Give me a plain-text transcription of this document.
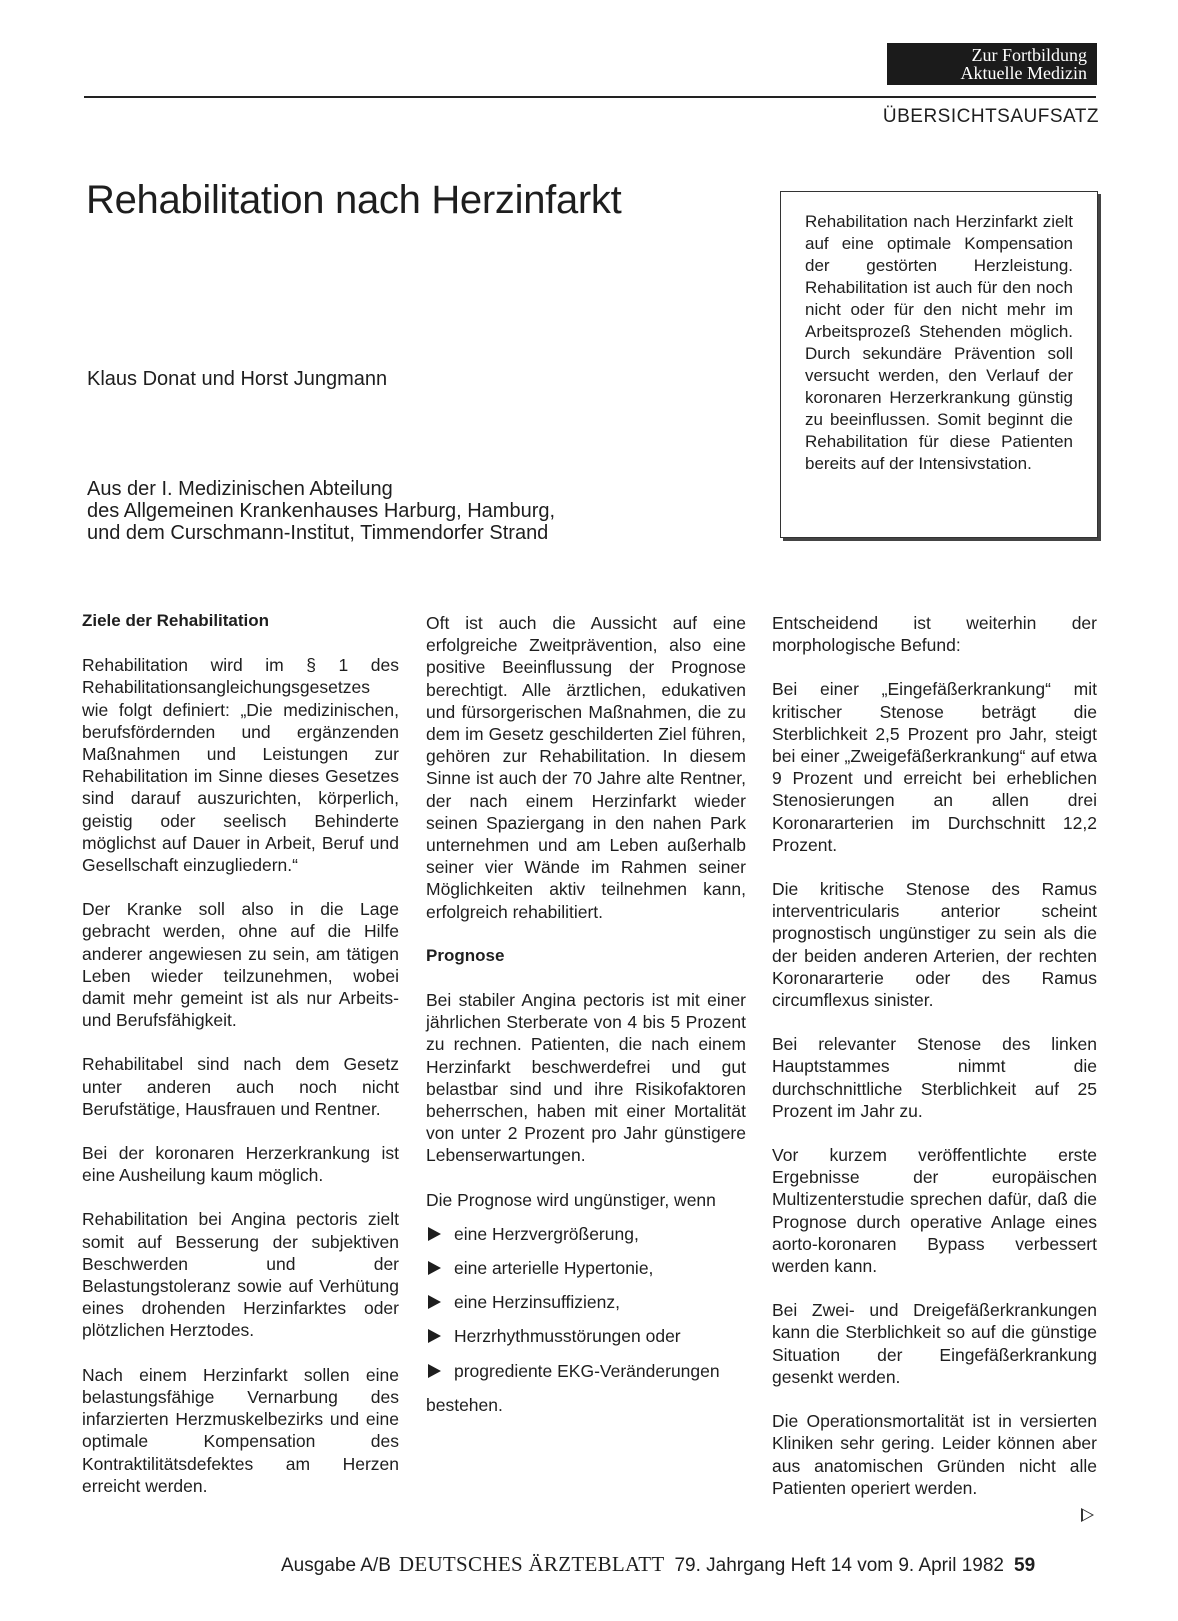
Zur Fortbildung
Aktuelle Medizin
ÜBERSICHTSAUFSATZ
Rehabilitation nach Herzinfarkt
Klaus Donat und Horst Jungmann
Aus der I. Medizinischen Abteilung
des Allgemeinen Krankenhauses Harburg, Hamburg,
und dem Curschmann-Institut, Timmendorfer Strand
Rehabilitation nach Herzinfarkt zielt auf eine optimale Kompensation der gestörten Herzleistung. Rehabilitation ist auch für den noch nicht oder für den nicht mehr im Arbeitsprozeß Stehenden möglich. Durch sekundäre Prävention soll versucht werden, den Verlauf der koronaren Herzerkrankung günstig zu beeinflussen. Somit beginnt die Rehabilitation für diese Patienten bereits auf der Intensivstation.
Ziele der Rehabilitation

Rehabilitation wird im § 1 des Rehabilitationsangleichungsgesetzes wie folgt definiert: „Die medizinischen, berufsfördernden und ergänzenden Maßnahmen und Leistungen zur Rehabilitation im Sinne dieses Gesetzes sind darauf auszurichten, körperlich, geistig oder seelisch Behinderte möglichst auf Dauer in Arbeit, Beruf und Gesellschaft einzugliedern.“

Der Kranke soll also in die Lage gebracht werden, ohne auf die Hilfe anderer angewiesen zu sein, am tätigen Leben wieder teilzunehmen, wobei damit mehr gemeint ist als nur Arbeits- und Berufsfähigkeit.

Rehabilitabel sind nach dem Gesetz unter anderen auch noch nicht Berufstätige, Hausfrauen und Rentner.

Bei der koronaren Herzerkrankung ist eine Ausheilung kaum möglich.

Rehabilitation bei Angina pectoris zielt somit auf Besserung der subjektiven Beschwerden und der Belastungstoleranz sowie auf Verhütung eines drohenden Herzinfarktes oder plötzlichen Herztodes.

Nach einem Herzinfarkt sollen eine belastungsfähige Vernarbung des infarzierten Herzmuskelbezirks und eine optimale Kompensation des Kontraktilitätsdefektes am Herzen erreicht werden.

Oft ist auch die Aussicht auf eine erfolgreiche Zweitprävention, also eine positive Beeinflussung der Prognose berechtigt. Alle ärztlichen, edukativen und fürsorgerischen Maßnahmen, die zu dem im Gesetz geschilderten Ziel führen, gehören zur Rehabilitation. In diesem Sinne ist auch der 70 Jahre alte Rentner, der nach einem Herzinfarkt wieder seinen Spaziergang in den nahen Park unternehmen und am Leben außerhalb seiner vier Wände im Rahmen seiner Möglichkeiten aktiv teilnehmen kann, erfolgreich rehabilitiert.

Prognose

Bei stabiler Angina pectoris ist mit einer jährlichen Sterberate von 4 bis 5 Prozent zu rechnen. Patienten, die nach einem Herzinfarkt beschwerdefrei und gut belastbar sind und ihre Risikofaktoren beherrschen, haben mit einer Mortalität von unter 2 Prozent pro Jahr günstigere Lebenserwartungen.

Die Prognose wird ungünstiger, wenn

eine Herzvergrößerung,
eine arterielle Hypertonie,
eine Herzinsuffizienz,
Herzrhythmusstörungen oder
progrediente EKG-Veränderungen

bestehen.

Entscheidend ist weiterhin der morphologische Befund:

Bei einer „Eingefäßerkrankung“ mit kritischer Stenose beträgt die Sterblichkeit 2,5 Prozent pro Jahr, steigt bei einer „Zweigefäßerkrankung“ auf etwa 9 Prozent und erreicht bei erheblichen Stenosierungen an allen drei Koronararterien im Durchschnitt 12,2 Prozent.

Die kritische Stenose des Ramus interventricularis anterior scheint prognostisch ungünstiger zu sein als die der beiden anderen Arterien, der rechten Koronararterie oder des Ramus circumflexus sinister.

Bei relevanter Stenose des linken Hauptstammes nimmt die durchschnittliche Sterblichkeit auf 25 Prozent im Jahr zu.

Vor kurzem veröffentlichte erste Ergebnisse der europäischen Multizenterstudie sprechen dafür, daß die Prognose durch operative Anlage eines aorto-koronaren Bypass verbessert werden kann.

Bei Zwei- und Dreigefäßerkrankungen kann die Sterblichkeit so auf die günstige Situation der Eingefäßerkrankung gesenkt werden.

Die Operationsmortalität ist in versierten Kliniken sehr gering. Leider können aber aus anatomischen Gründen nicht alle Patienten operiert werden.

Ausgabe A/B DEUTSCHES ÄRZTEBLATT 79. Jahrgang Heft 14 vom 9. April 1982 59
